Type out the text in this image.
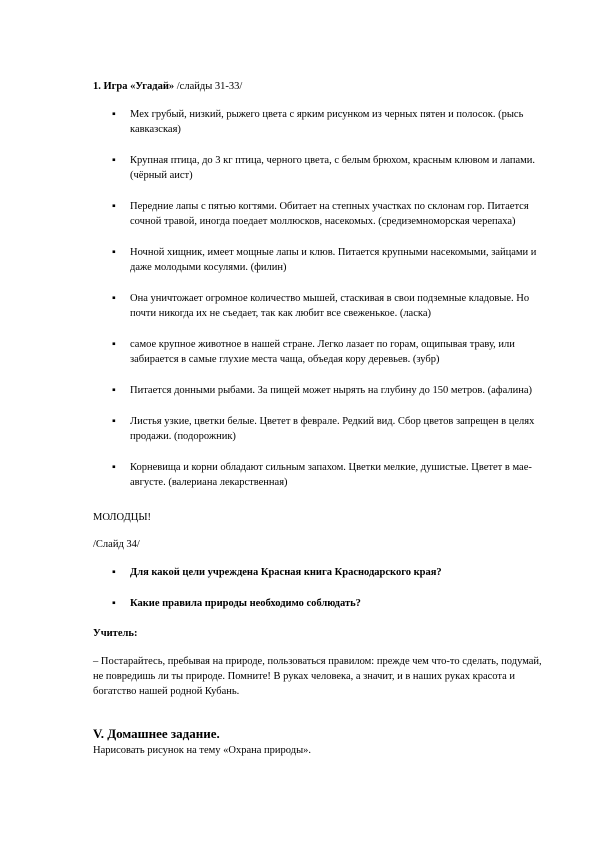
1. Игра «Угадай» /слайды 31-33/

▪ Мех грубый, низкий, рыжего цвета с ярким рисунком из черных пятен и полосок. (рысь кавказская)
▪ Крупная птица, до 3 кг птица, черного цвета, с белым брюхом, красным клювом и лапами. (чёрный аист)
▪ Передние лапы с пятью когтями. Обитает на степных участках по склонам гор. Питается сочной травой, иногда поедает моллюсков, насекомых. (средиземноморская черепаха)
▪ Ночной хищник, имеет мощные лапы и клюв. Питается крупными насекомыми, зайцами и даже молодыми косулями. (филин)
▪ Она уничтожает огромное количество мышей, стаскивая в свои подземные кладовые. Но почти никогда их не съедает, так как любит все свеженькое. (ласка)
▪ самое крупное животное в нашей стране. Легко лазает по горам, ощипывая траву, или забирается в самые глухие места чаща, объедая кору деревьев. (зубр)
▪ Питается донными рыбами. За пищей может нырять на глубину до 150 метров. (афалина)
▪ Листья узкие, цветки белые. Цветет в феврале. Редкий вид. Сбор цветов запрещен в целях продажи. (подорожник)
▪ Корневища и корни обладают сильным запахом. Цветки мелкие, душистые. Цветет в мае-августе. (валериана лекарственная)

МОЛОДЦЫ!

/Слайд 34/

▪ Для какой цели учреждена Красная книга Краснодарского края?
▪ Какие правила природы необходимо соблюдать?

Учитель:

– Постарайтесь, пребывая на природе, пользоваться правилом: прежде чем что-то сделать, подумай, не повредишь ли ты природе. Помните! В руках человека, а значит, и в наших руках красота и богатство нашей родной Кубань.

V. Домашнее задание.

Нарисовать рисунок на тему «Охрана природы».
